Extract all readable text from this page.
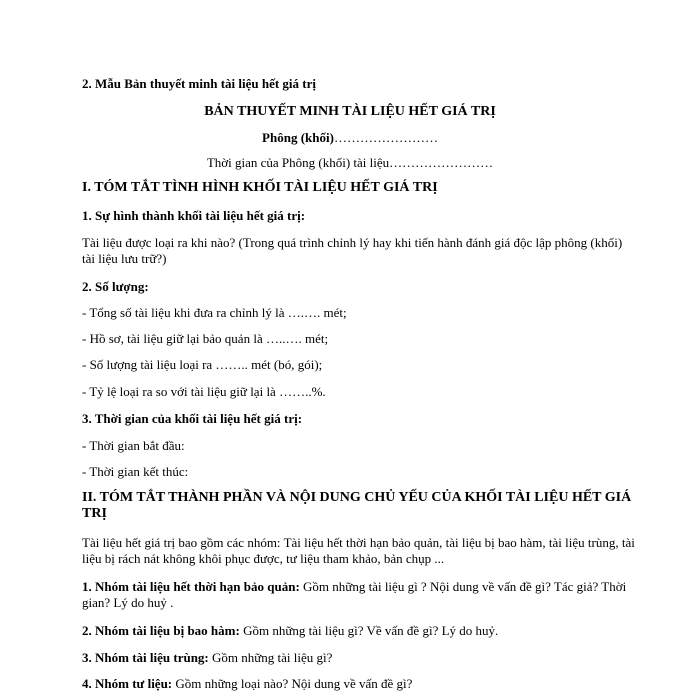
2. Mẫu Bản thuyết minh tài liệu hết giá trị
BẢN THUYẾT MINH TÀI LIỆU HẾT GIÁ TRỊ
Phông (khối)……………………
Thời gian của Phông (khối) tài liệu……………………
I. TÓM TẮT TÌNH HÌNH KHỐI TÀI LIỆU HẾT GIÁ TRỊ
1. Sự hình thành khối tài liệu hết giá trị:
Tài liệu được loại ra khi nào? (Trong quá trình chỉnh lý hay khi tiến hành đánh giá độc lập phông (khối) tài liệu lưu trữ?)
2. Số lượng:
- Tổng số tài liệu khi đưa ra chỉnh lý là ….…. mét;
- Hồ sơ, tài liệu giữ lại bảo quản là …..…. mét;
- Số lượng tài liệu loại ra …….. mét (bó, gói);
- Tỷ lệ loại ra so với tài liệu giữ lại là ……..%.
3. Thời gian của khối tài liệu hết giá trị:
- Thời gian bắt đầu:
- Thời gian kết thúc:
II. TÓM TẮT THÀNH PHẦN VÀ NỘI DUNG CHỦ YẾU CỦA KHỐI TÀI LIỆU HẾT GIÁ TRỊ
Tài liệu hết giá trị bao gồm các nhóm: Tài liệu hết thời hạn bảo quản, tài liệu bị bao hàm, tài liệu trùng, tài liệu bị rách nát không khôi phục được, tư liệu tham khảo, bản chụp ...
1. Nhóm tài liệu hết thời hạn bảo quản: Gồm những tài liệu gì ? Nội dung về vấn đề gì? Tác giả? Thời gian? Lý do huỷ .
2. Nhóm tài liệu bị bao hàm: Gồm những tài liệu gì? Về vấn đề gì? Lý do huỷ.
3. Nhóm tài liệu trùng: Gồm những tài liệu gì?
4. Nhóm tư liệu: Gồm những loại nào? Nội dung về vấn đề gì?
